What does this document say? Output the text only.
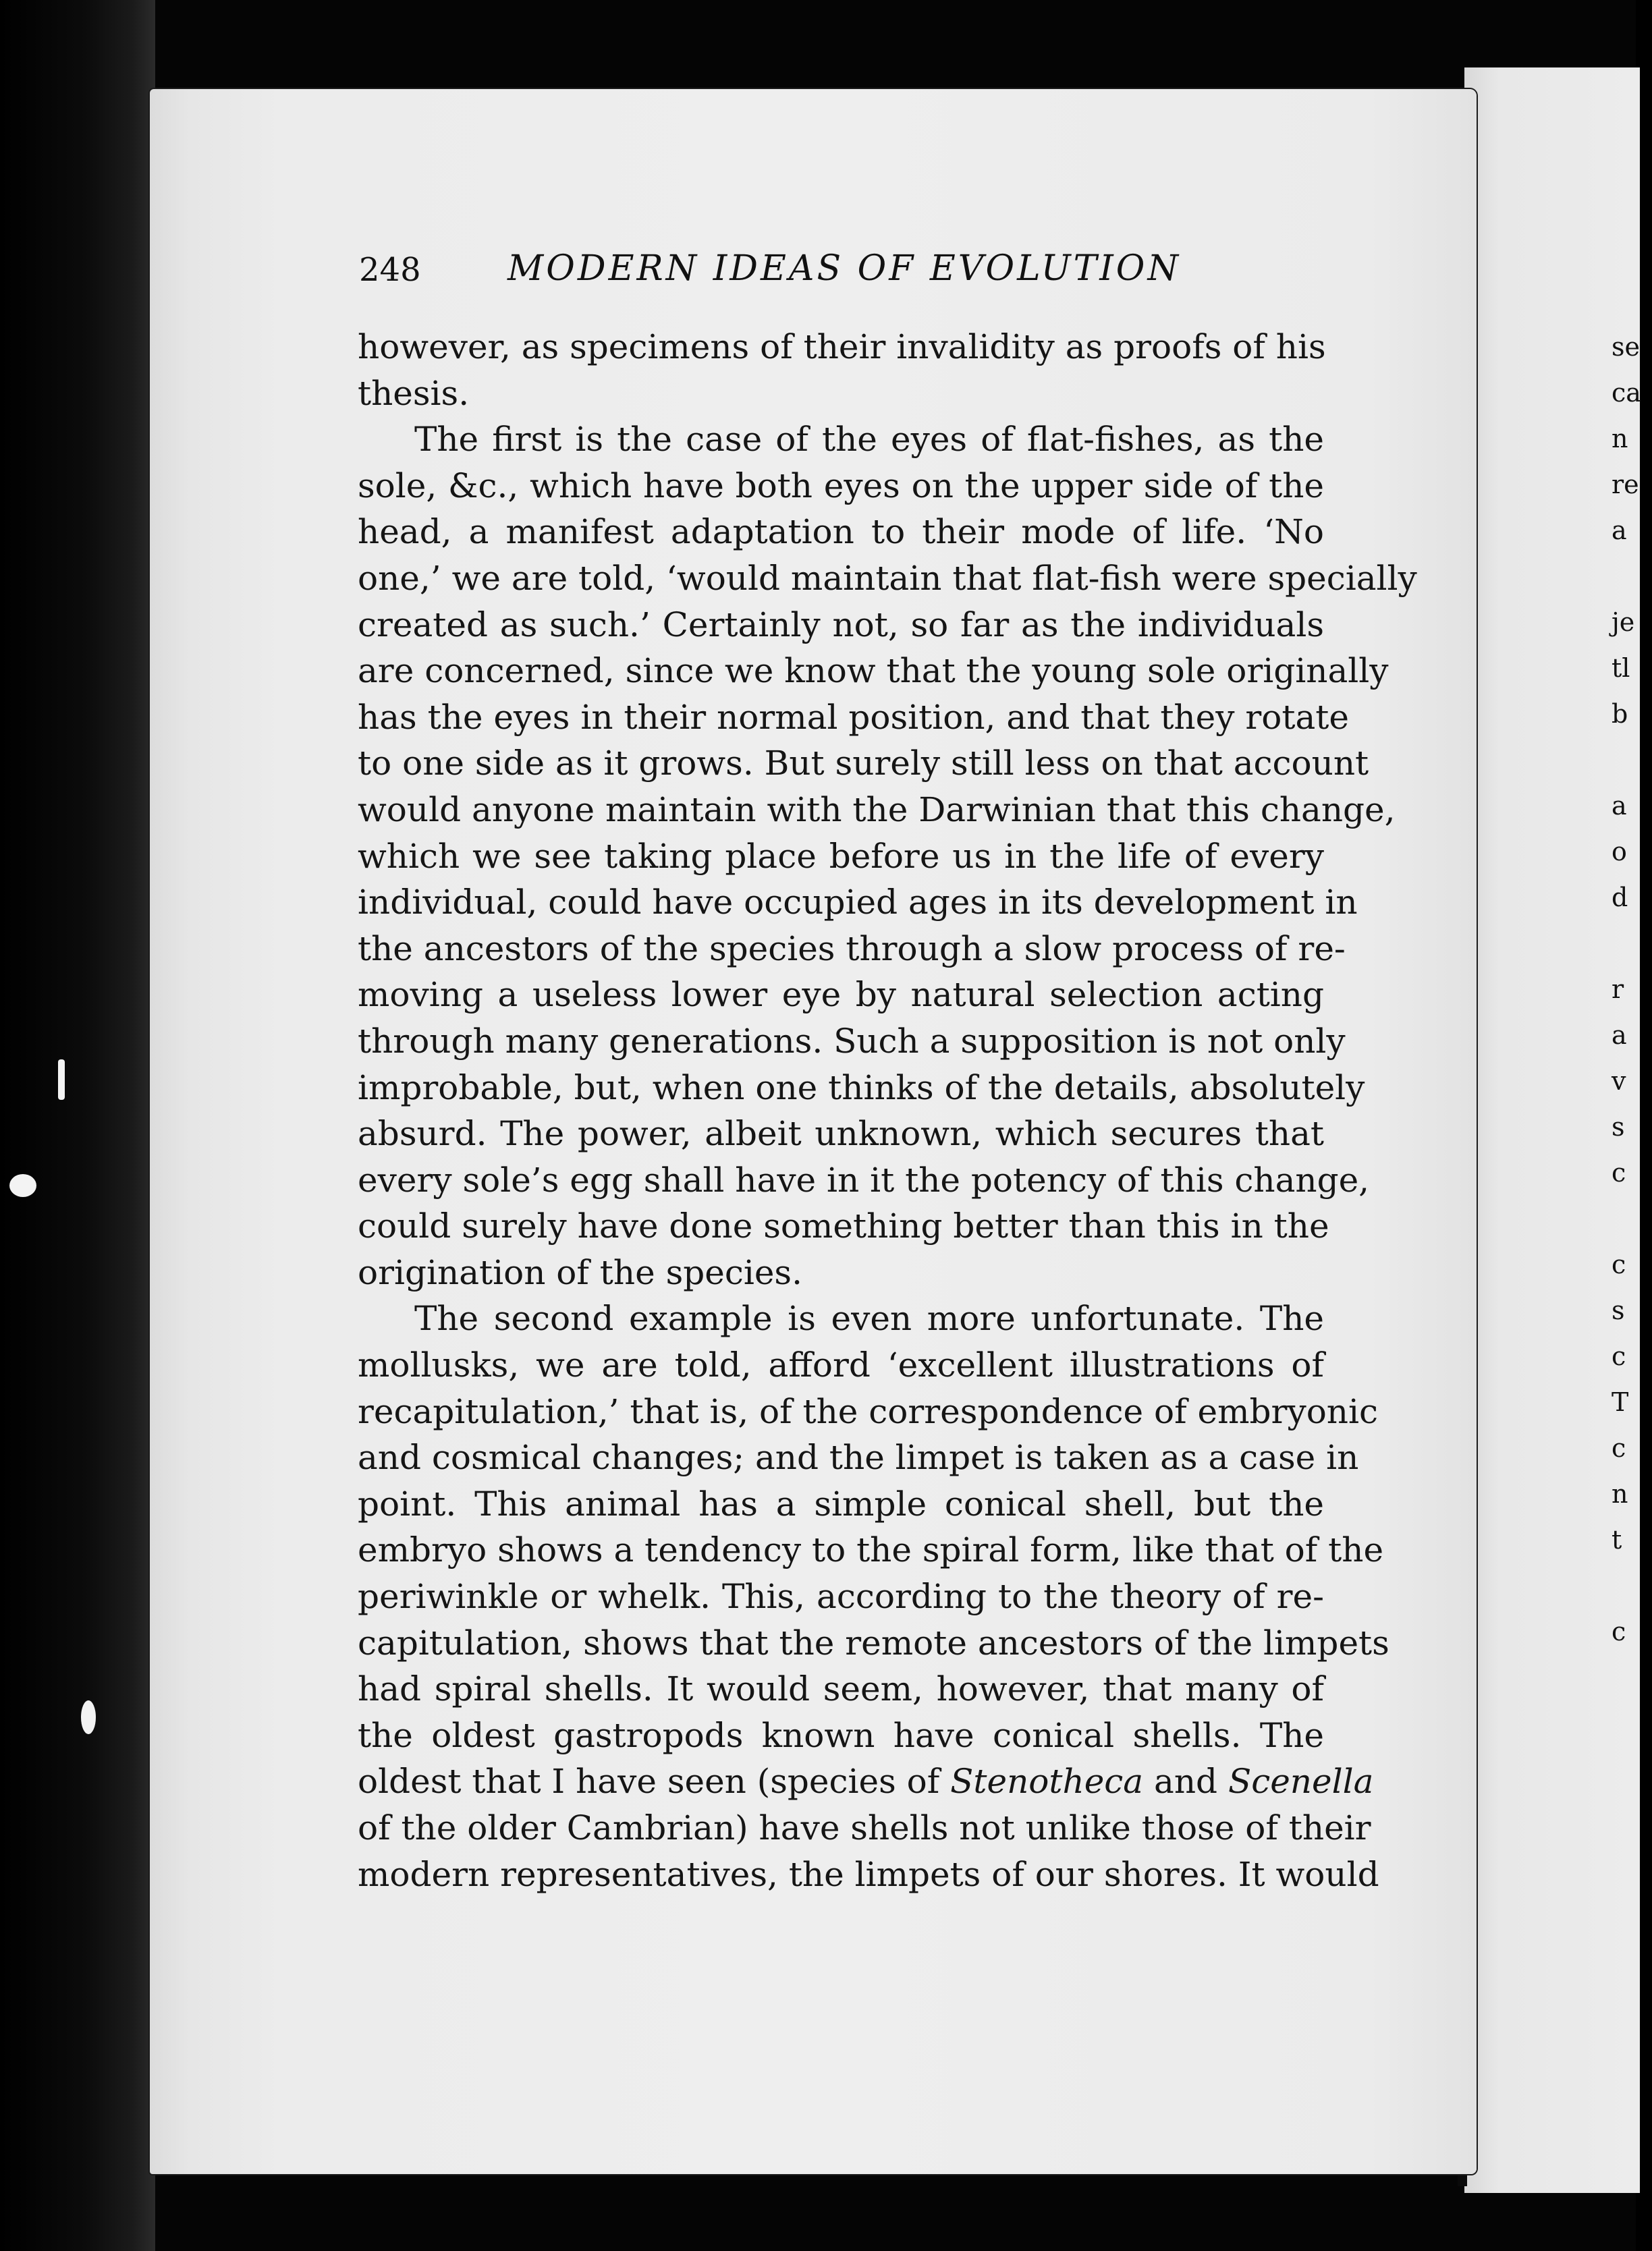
se
ca
n
re
a
je
tl
b
a
o
d
r
a
v
s
c
c
s
c
T
c
n
t
c
248 MODERN IDEAS OF EVOLUTION
however, as specimens of their invalidity as proofs of his
thesis.
The first is the case of the eyes of flat-fishes, as the
sole, &c., which have both eyes on the upper side of the
head, a manifest adaptation to their mode of life. ‘No
one,’ we are told, ‘would maintain that flat-fish were specially
created as such.’ Certainly not, so far as the individuals
are concerned, since we know that the young sole originally
has the eyes in their normal position, and that they rotate
to one side as it grows. But surely still less on that account
would anyone maintain with the Darwinian that this change,
which we see taking place before us in the life of every
individual, could have occupied ages in its development in
the ancestors of the species through a slow process of re-
moving a useless lower eye by natural selection acting
through many generations. Such a supposition is not only
improbable, but, when one thinks of the details, absolutely
absurd. The power, albeit unknown, which secures that
every sole’s egg shall have in it the potency of this change,
could surely have done something better than this in the
origination of the species.
The second example is even more unfortunate. The
mollusks, we are told, afford ‘excellent illustrations of
recapitulation,’ that is, of the correspondence of embryonic
and cosmical changes; and the limpet is taken as a case in
point. This animal has a simple conical shell, but the
embryo shows a tendency to the spiral form, like that of the
periwinkle or whelk. This, according to the theory of re-
capitulation, shows that the remote ancestors of the limpets
had spiral shells. It would seem, however, that many of
the oldest gastropods known have conical shells. The
oldest that I have seen (species of Stenotheca and Scenella
of the older Cambrian) have shells not unlike those of their
modern representatives, the limpets of our shores. It would
